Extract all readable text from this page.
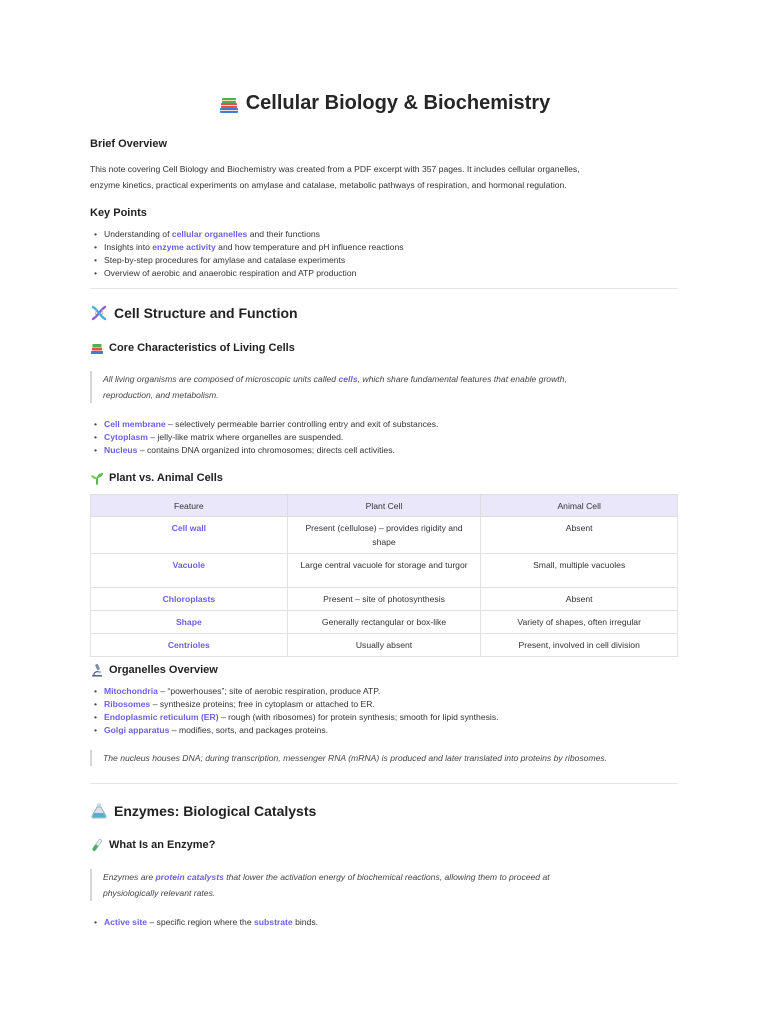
Cellular Biology & Biochemistry
Brief Overview
This note covering Cell Biology and Biochemistry was created from a PDF excerpt with 357 pages. It includes cellular organelles,
enzyme kinetics, practical experiments on amylase and catalase, metabolic pathways of respiration, and hormonal regulation.
Key Points
• Understanding of cellular organelles and their functions
• Insights into enzyme activity and how temperature and pH influence reactions
• Step-by-step procedures for amylase and catalase experiments
• Overview of aerobic and anaerobic respiration and ATP production
Cell Structure and Function
Core Characteristics of Living Cells
All living organisms are composed of microscopic units called cells, which share fundamental features that enable growth,
reproduction, and metabolism.
• Cell membrane – selectively permeable barrier controlling entry and exit of substances.
• Cytoplasm – jelly-like matrix where organelles are suspended.
• Nucleus – contains DNA organized into chromosomes; directs cell activities.
Plant vs. Animal Cells
Feature	Plant Cell	Animal Cell
Cell wall	Present (cellulose) – provides rigidity and shape	Absent
Vacuole	Large central vacuole for storage and turgor	Small, multiple vacuoles
Chloroplasts	Present – site of photosynthesis	Absent
Shape	Generally rectangular or box-like	Variety of shapes, often irregular
Centrioles	Usually absent	Present, involved in cell division
Organelles Overview
• Mitochondria – “powerhouses”; site of aerobic respiration, produce ATP.
• Ribosomes – synthesize proteins; free in cytoplasm or attached to ER.
• Endoplasmic reticulum (ER) – rough (with ribosomes) for protein synthesis; smooth for lipid synthesis.
• Golgi apparatus – modifies, sorts, and packages proteins.
The nucleus houses DNA; during transcription, messenger RNA (mRNA) is produced and later translated into proteins by ribosomes.
Enzymes: Biological Catalysts
What Is an Enzyme?
Enzymes are protein catalysts that lower the activation energy of biochemical reactions, allowing them to proceed at
physiologically relevant rates.
• Active site – specific region where the substrate binds.
